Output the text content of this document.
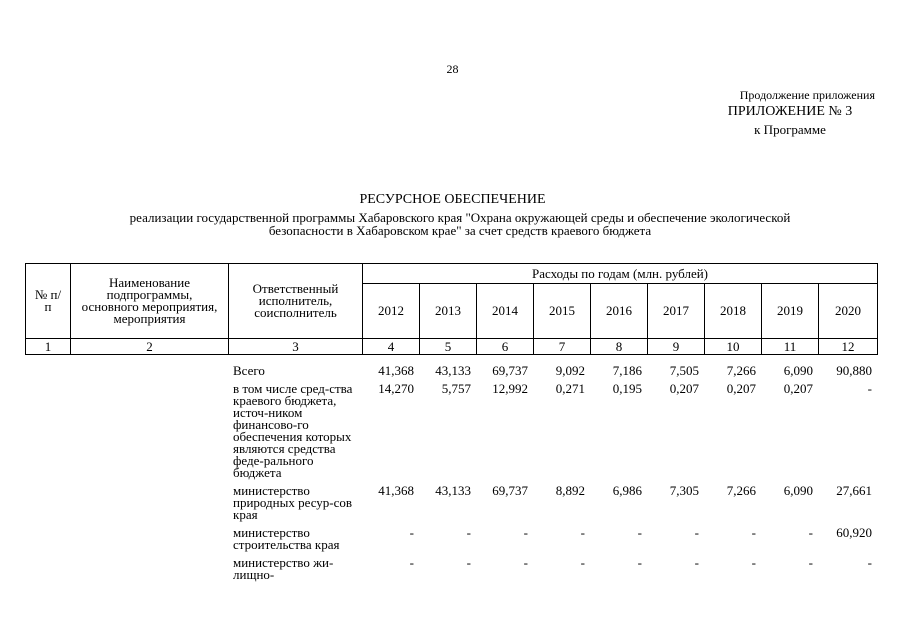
28
Продолжение приложения
ПРИЛОЖЕНИЕ № 3
к Программе
РЕСУРСНОЕ ОБЕСПЕЧЕНИЕ
реализации государственной программы Хабаровского края "Охрана окружающей среды и обеспечение экологической
безопасности в Хабаровском крае" за счет средств краевого бюджета
№ п/п	Наименование подпрограммы, основного мероприятия, мероприятия	Ответственный исполнитель, соисполнитель	Расходы по годам (млн. рублей)								
			2012	2013	2014	2015	2016	2017	2018	2019	2020
1	2	3	4	5	6	7	8	9	10	11	12
		Всего	41,368	43,133	69,737	9,092	7,186	7,505	7,266	6,090	90,880
		в том числе сред-ства краевого бюджета, источ-ником финансово-го обеспечения которых являются средства феде-рального бюджета	14,270	5,757	12,992	0,271	0,195	0,207	0,207	0,207	-
		министерство природных ресур-сов края	41,368	43,133	69,737	8,892	6,986	7,305	7,266	6,090	27,661
		министерство строительства края	-	-	-	-	-	-	-	-	60,920
		министерство жи-лищно-	-	-	-	-	-	-	-	-	-
